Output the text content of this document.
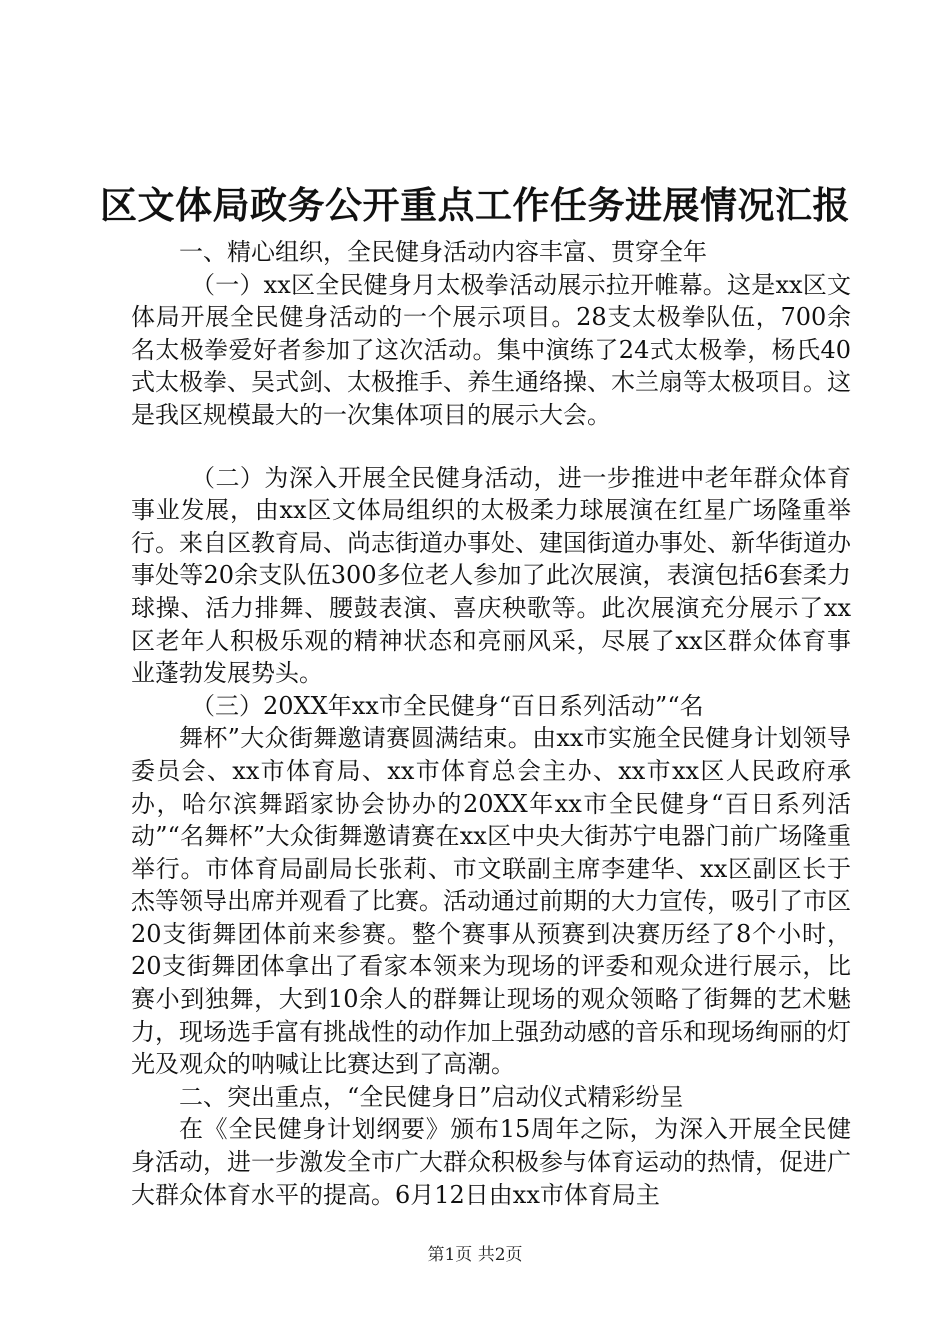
区文体局政务公开重点工作任务进展情况汇报

一、精心组织，全民健身活动内容丰富、贯穿全年

（一）xx区全民健身月太极拳活动展示拉开帷幕。这是xx区文体局开展全民健身活动的一个展示项目。28支太极拳队伍，700余名太极拳爱好者参加了这次活动。集中演练了24式太极拳，杨氏40式太极拳、吴式剑、太极推手、养生通络操、木兰扇等太极项目。这是我区规模最大的一次集体项目的展示大会。

（二）为深入开展全民健身活动，进一步推进中老年群众体育事业发展，由xx区文体局组织的太极柔力球展演在红星广场隆重举行。来自区教育局、尚志街道办事处、建国街道办事处、新华街道办事处等20余支队伍300多位老人参加了此次展演，表演包括6套柔力球操、活力排舞、腰鼓表演、喜庆秧歌等。此次展演充分展示了xx区老年人积极乐观的精神状态和亮丽风采，尽展了xx区群众体育事业蓬勃发展势头。

（三）20XX年xx市全民健身“百日系列活动”“名

舞杯”大众街舞邀请赛圆满结束。由xx市实施全民健身计划领导委员会、xx市体育局、xx市体育总会主办、xx市xx区人民政府承办，哈尔滨舞蹈家协会协办的20XX年xx市全民健身“百日系列活动”“名舞杯”大众街舞邀请赛在xx区中央大街苏宁电器门前广场隆重举行。市体育局副局长张莉、市文联副主席李建华、xx区副区长于杰等领导出席并观看了比赛。活动通过前期的大力宣传，吸引了市区20支街舞团体前来参赛。整个赛事从预赛到决赛历经了8个小时，20支街舞团体拿出了看家本领来为现场的评委和观众进行展示，比赛小到独舞，大到10余人的群舞让现场的观众领略了街舞的艺术魅力，现场选手富有挑战性的动作加上强劲动感的音乐和现场绚丽的灯光及观众的呐喊让比赛达到了高潮。

二、突出重点，“全民健身日”启动仪式精彩纷呈

在《全民健身计划纲要》颁布15周年之际，为深入开展全民健身活动，进一步激发全市广大群众积极参与体育运动的热情，促进广大群众体育水平的提高。6月12日由xx市体育局主

第1页 共2页
